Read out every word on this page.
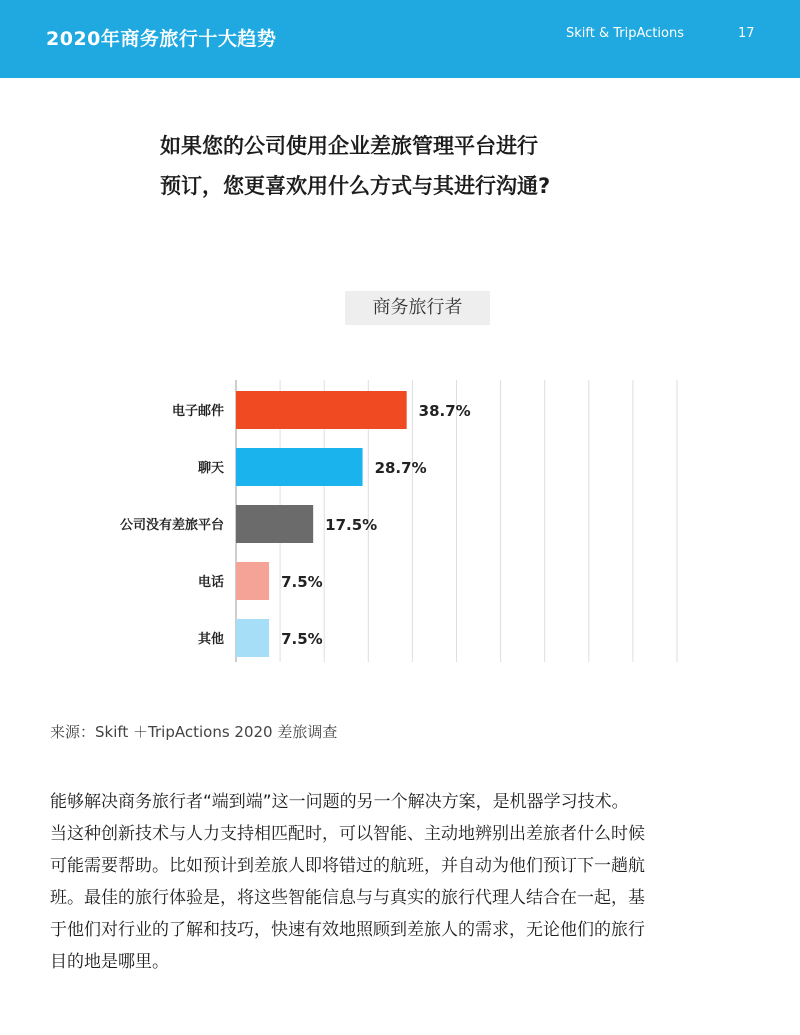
2020年商务旅行十大趋势	Skift & TripActions	17
如果您的公司使用企业差旅管理平台进行
预订，您更喜欢用什么方式与其进行沟通?
商务旅行者
电子邮件	38.7%
聊天	28.7%
公司没有差旅平台	17.5%
电话	7.5%
其他	7.5%
来源：Skift ＋TripActions 2020 差旅调查
能够解决商务旅行者“端到端”这一问题的另一个解决方案，是机器学习技术。
当这种创新技术与人力支持相匹配时，可以智能、主动地辨别出差旅者什么时候
可能需要帮助。比如预计到差旅人即将错过的航班，并自动为他们预订下一趟航
班。最佳的旅行体验是，将这些智能信息与与真实的旅行代理人结合在一起，基
于他们对行业的了解和技巧，快速有效地照顾到差旅人的需求，无论他们的旅行
目的地是哪里。
